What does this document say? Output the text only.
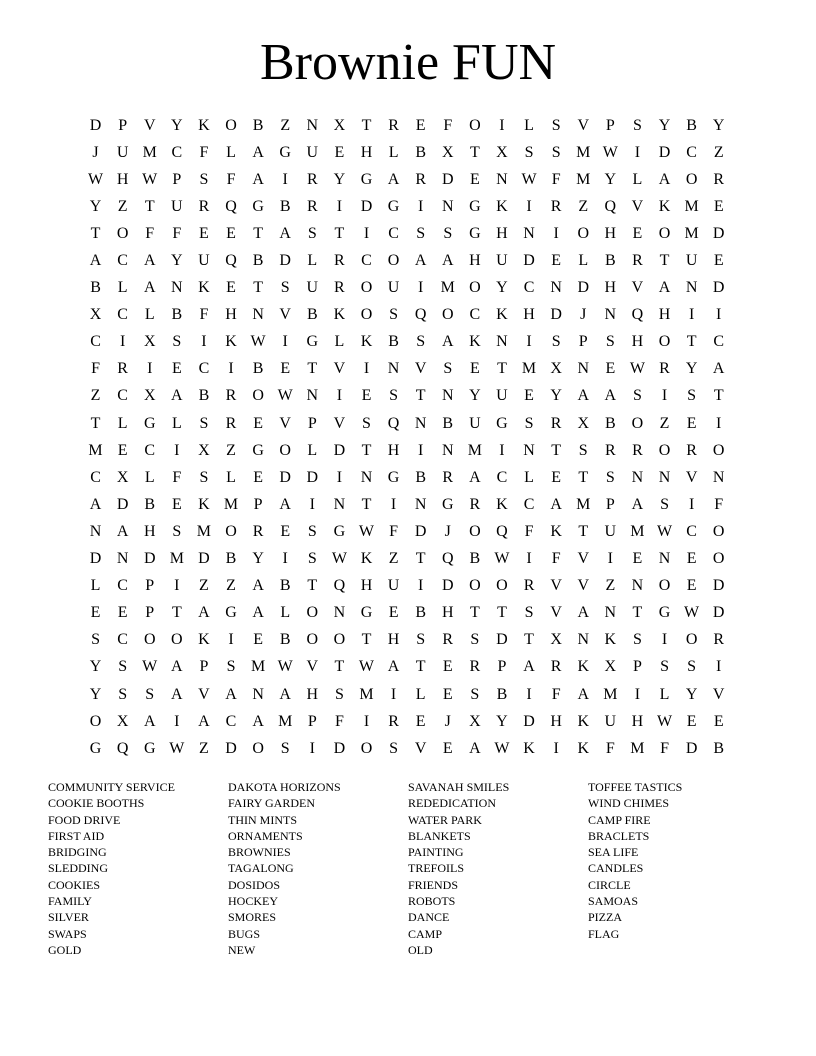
Brownie FUN
D	P	V Y K O B	Z	N X	T	R	E	F	O	I	L	S	V	P	S	Y B Y
J	U M C	F	L	A G U	E	H	L	B X	T	X	S	S M W	I	D C	Z
W H W P	S	F	A	I	R Y G A R D	E	N W F M Y	L	A O R
Y	Z	T	U R Q G B	R	I	D G	I	N G K	I	R	Z	Q V K M E
T	O	F	F	E	E	T	A	S	T	I	C	S	S	G H N	I	O H	E	O M D
A C A Y U Q B D	L	R	C O A A H U D	E	L	B	R	T	U	E
B	L	A N K	E	T	S	U R O U	I	M O Y C N D H V A N D
X C	L	B	F	H N V B K O	S	Q O C K H D	J	N Q H	I	I
C	I	X	S	I	K W	I	G	L	K B	S	A K N	I	S	P	S	H O	T	C
F	R	I	E	C	I	B	E	T	V	I	N V	S	E	T M X N	E W R Y A
Z	C X A B	R O W N	I	E	S	T	N Y U	E	Y A A	S	I	S	T
T	L	G	L	S	R	E	V	P	V	S	Q N B U G	S	R X B O	Z	E	I
M E	C	I	X	Z	G O	L	D	T	H	I	N M	I	N	T	S	R	R O R O
C X	L	F	S	L	E	D D	I	N G B	R A C	L	E	T	S	N N V N
A D B	E	K M P	A	I	N	T	I	N G R K C A M P	A	S	I	F
N A H	S M O R	E	S	G W F	D	J	O Q	F	K	T	U M W C O
D N D M D B Y	I	S W K	Z	T	Q B W	I	F	V	I	E	N	E	O
L	C	P	I	Z	Z	A B	T	Q H U	I	D O O R V V	Z	N O	E	D
E	E	P	T	A G A	L	O N G	E	B H	T	T	S	V A N	T	G W D
S	C O O K	I	E	B O O	T	H	S	R	S	D	T	X N K	S	I	O R
Y	S W A	P	S M W V	T W A	T	E	R	P	A R K X	P	S	S	I
Y	S	S	A V A N A H	S M	I	L	E	S	B	I	F	A M	I	L	Y V
O X A	I	A C A M P	F	I	R	E	J	X Y D H K U H W E	E
G Q G W Z	D O	S	I	D O	S	V	E	A W K	I	K	F M F	D B
COMMUNITY SERVICE
COOKIE BOOTHS
FOOD DRIVE
FIRST AID
BRIDGING
SLEDDING
COOKIES
FAMILY
SILVER
SWAPS
GOLD
DAKOTA HORIZONS
FAIRY GARDEN
THIN MINTS
ORNAMENTS
BROWNIES
TAGALONG
DOSIDOS
HOCKEY
SMORES
BUGS
NEW
SAVANAH SMILES
REDEDICATION
WATER PARK
BLANKETS
PAINTING
TREFOILS
FRIENDS
ROBOTS
DANCE
CAMP
OLD
TOFFEE TASTICS
WIND CHIMES
CAMP FIRE
BRACLETS
SEA LIFE
CANDLES
CIRCLE
SAMOAS
PIZZA
FLAG
